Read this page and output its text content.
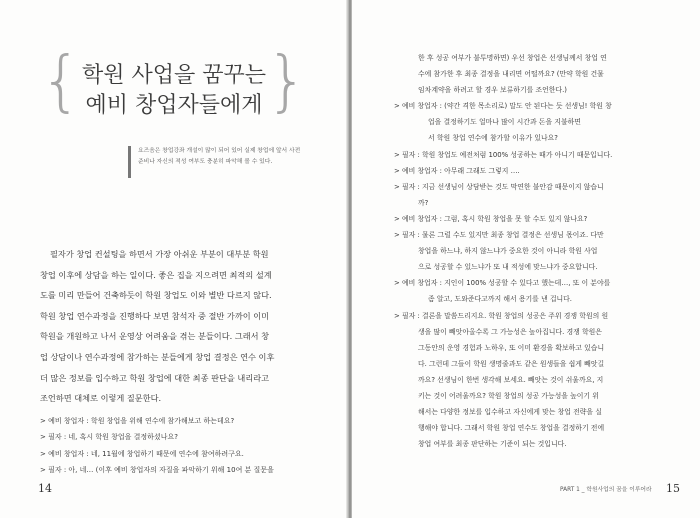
{	}
학원 사업을 꿈꾸는
예비 창업자들에게
요즈음은 창업강좌 개설이 많이 되어 있어 실제 창업에 앞서 사전
준비나 자신의 적성 여부도 충분히 파악해 볼 수 있다.
필자가 창업 컨설팅을 하면서 가장 아쉬운 부분이 대부분 학원
창업 이후에 상담을 하는 일이다. 좋은 집을 지으려면 최적의 설계
도를 미리 만들어 건축하듯이 학원 창업도 이와 별반 다르지 않다.
학원 창업 연수과정을 진행하다 보면 참석자 중 절반 가까이 이미
학원을 개원하고 나서 운영상 어려움을 겪는 분들이다. 그래서 창
업 상담이나 연수과정에 참가하는 분들에게 창업 결정은 연수 이후
더 많은 정보를 입수하고 학원 창업에 대한 최종 판단을 내리라고
조언하면 대체로 이렇게 질문한다.
> 예비 창업자 : 학원 창업을 위해 연수에 참가해보고 하는데요?
> 필자 : 네, 혹시 학원 창업을 결정하셨나요?
> 예비 창업자 : 네, 11월에 창업하기 때문에 연수에 참여하려구요.
> 필자 : 아, 네… (이후 예비 창업자의 자질을 파악하기 위해 10여 분 질문을
14
한 후 성공 여부가 불투명하면) 우선 창업은 선생님께서 창업 연
수에 참가한 후 최종 결정을 내리면 어떨까요? (만약 학원 건물
임차계약을 하려고 할 경우 보류하기를 조언한다.)
> 예비 창업자 : (약간 격한 목소리로) 말도 안 된다는 듯 선생님! 학원 창
업을 결정하기도 얼마나 많이 시간과 돈을 지불하면
서 학원 창업 연수에 참가할 이유가 있나요?
> 필자 : 학원 창업도 예전처럼 100% 성공하는 때가 아니기 때문입니다.
> 예비 창업자 : 아무래 그래도 그렇지 ….
> 필자 : 지금 선생님이 상담받는 것도 막연한 불안감 때문이지 않습니
까?
> 예비 창업자 : 그럼, 혹시 학원 창업을 못 할 수도 있지 않나요?
> 필자 : 물론 그럴 수도 있지만 최종 창업 결정은 선생님 몫이죠. 다만
창업을 하느냐, 하지 않느냐가 중요한 것이 아니라 학원 사업
으로 성공할 수 있느냐가 또 내 적성에 맞느냐가 중요합니다.
> 예비 창업자 : 지인이 100% 성공할 수 있다고 했는데…, 또 이 분야를
좀 알고, 도와준다고까지 해서 용기를 낸 겁니다.
> 필자 : 결론을 말씀드리지요. 학원 창업의 성공은 주위 경쟁 학원의 원
생을 많이 빼앗아올수록 그 가능성은 높아집니다. 경쟁 학원은
그동안의 운영 경험과 노하우, 또 이미 환경을 확보하고 있습니
다. 그런데 그들이 학원 생명줄과도 같은 원생들을 쉽게 빼앗길
까요? 선생님이 한번 생각해 보세요. 빼앗는 것이 쉬울까요, 지
키는 것이 어려울까요? 학원 창업의 성공 가능성을 높이기 위
해서는 다양한 정보를 입수하고 자신에게 맞는 창업 전략을 실
행해야 합니다. 그래서 학원 창업 연수도 창업을 결정하기 전에
창업 여부를 최종 판단하는 기준이 되는 것입니다.
PART 1 _ 학원사업의 꿈을 이루어라 15
